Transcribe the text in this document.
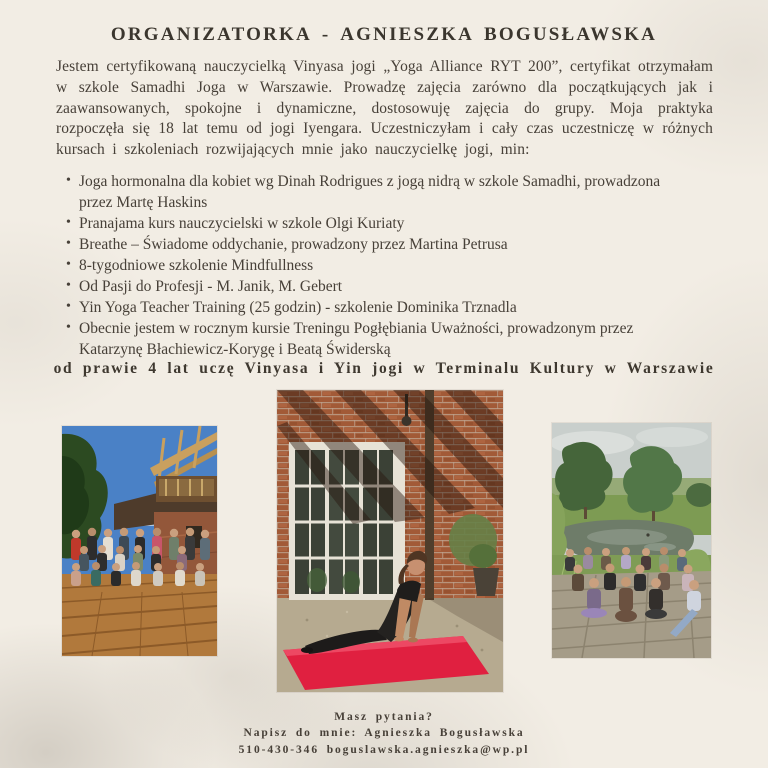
ORGANIZATORKA - AGNIESZKA BOGUSŁAWSKA

Jestem certyfikowaną nauczycielką Vinyasa jogi „Yoga Alliance RYT 200”, certyfikat otrzymałam w szkole Samadhi Joga w Warszawie. Prowadzę zajęcia zarówno dla początkujących jak i zaawansowanych, spokojne i dynamiczne, dostosowuję zajęcia do grupy. Moja praktyka rozpoczęła się 18 lat temu od jogi Iyengara. Uczestniczyłam i cały czas uczestniczę w różnych kursach i szkoleniach rozwijających mnie jako nauczycielkę jogi, min:

• Joga hormonalna dla kobiet wg Dinah Rodrigues z jogą nidrą w szkole Samadhi, prowadzona przez Martę Haskins
• Pranajama kurs nauczycielski w szkole Olgi Kuriaty
• Breathe – Świadome oddychanie, prowadzony przez Martina Petrusa
• 8-tygodniowe szkolenie Mindfullness
• Od Pasji do Profesji - M. Janik, M. Gebert
• Yin Yoga Teacher Training (25 godzin) - szkolenie Dominika Trznadla
• Obecnie jestem w rocznym kursie Treningu Pogłębiania Uważności, prowadzonym przez Katarzynę Błachiewicz-Korygę i Beatą Świderską

od prawie 4 lat uczę Vinyasa i Yin jogi w Terminalu Kultury w Warszawie

Masz pytania?
Napisz do mnie: Agnieszka Bogusławska
510-430-346 boguslawska.agnieszka@wp.pl
